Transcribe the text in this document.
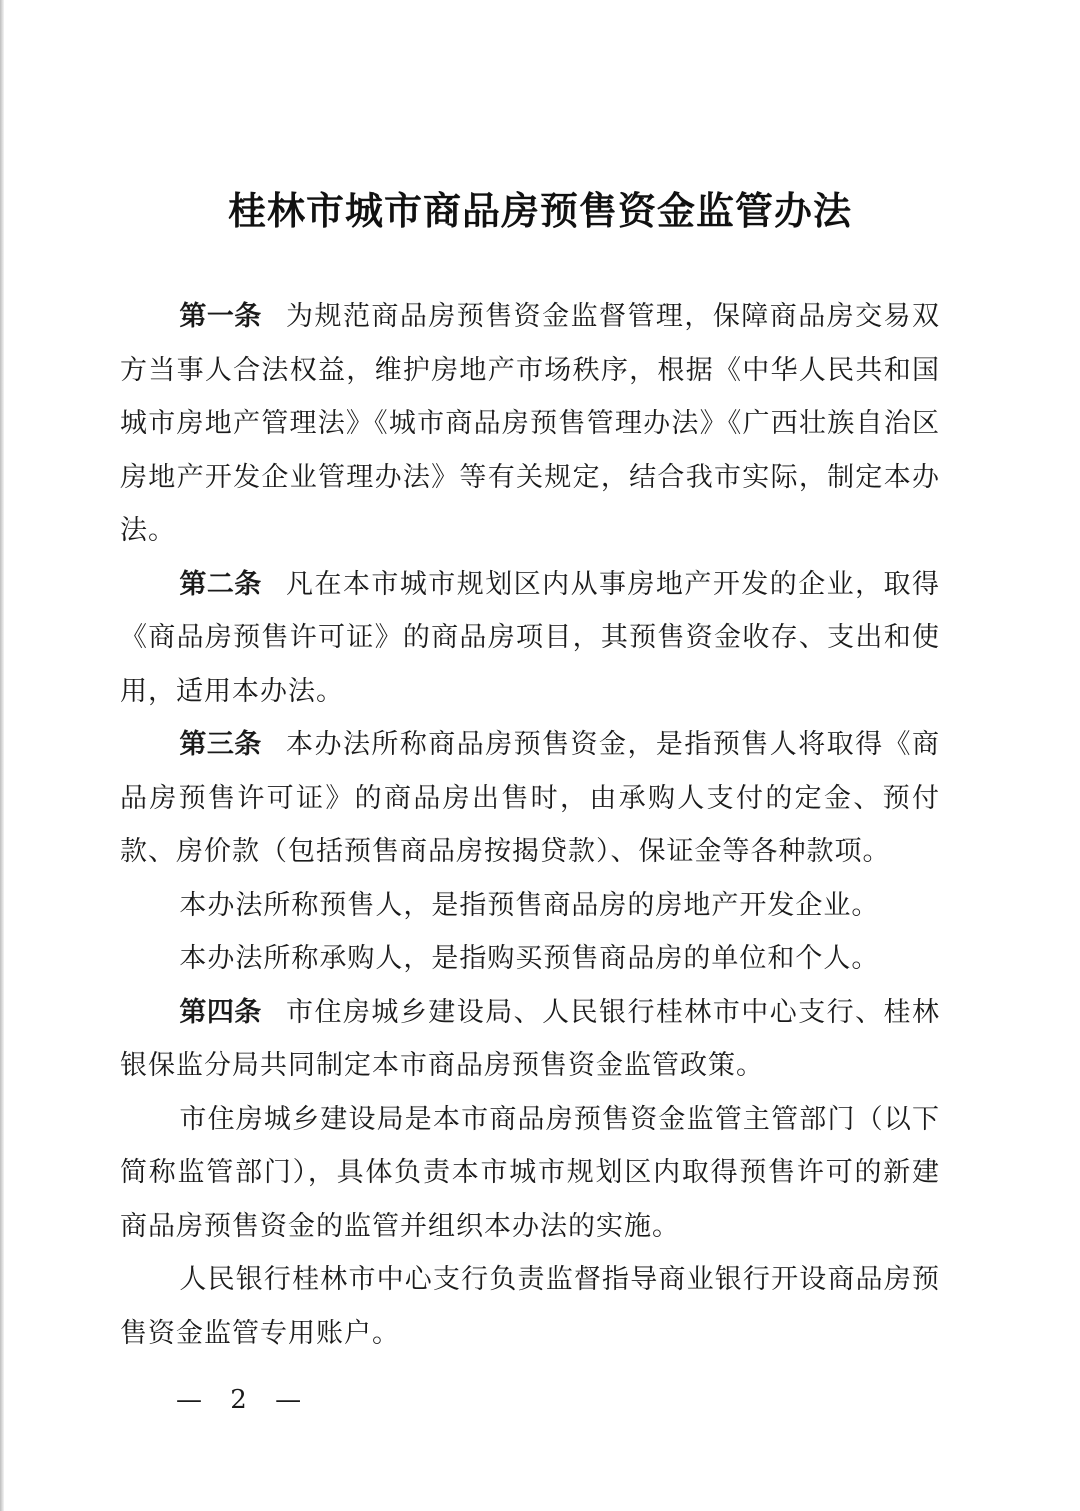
桂林市城市商品房预售资金监管办法

第一条 为规范商品房预售资金监督管理，保障商品房交易双方当事人合法权益，维护房地产市场秩序，根据《中华人民共和国城市房地产管理法》《城市商品房预售管理办法》《广西壮族自治区房地产开发企业管理办法》等有关规定，结合我市实际，制定本办法。

第二条 凡在本市城市规划区内从事房地产开发的企业，取得《商品房预售许可证》的商品房项目，其预售资金收存、支出和使用，适用本办法。

第三条 本办法所称商品房预售资金，是指预售人将取得《商品房预售许可证》的商品房出售时，由承购人支付的定金、预付款、房价款（包括预售商品房按揭贷款）、保证金等各种款项。

本办法所称预售人，是指预售商品房的房地产开发企业。

本办法所称承购人，是指购买预售商品房的单位和个人。

第四条 市住房城乡建设局、人民银行桂林市中心支行、桂林银保监分局共同制定本市商品房预售资金监管政策。

市住房城乡建设局是本市商品房预售资金监管主管部门（以下简称监管部门），具体负责本市城市规划区内取得预售许可的新建商品房预售资金的监管并组织本办法的实施。

人民银行桂林市中心支行负责监督指导商业银行开设商品房预售资金监管专用账户。

— 2 —
